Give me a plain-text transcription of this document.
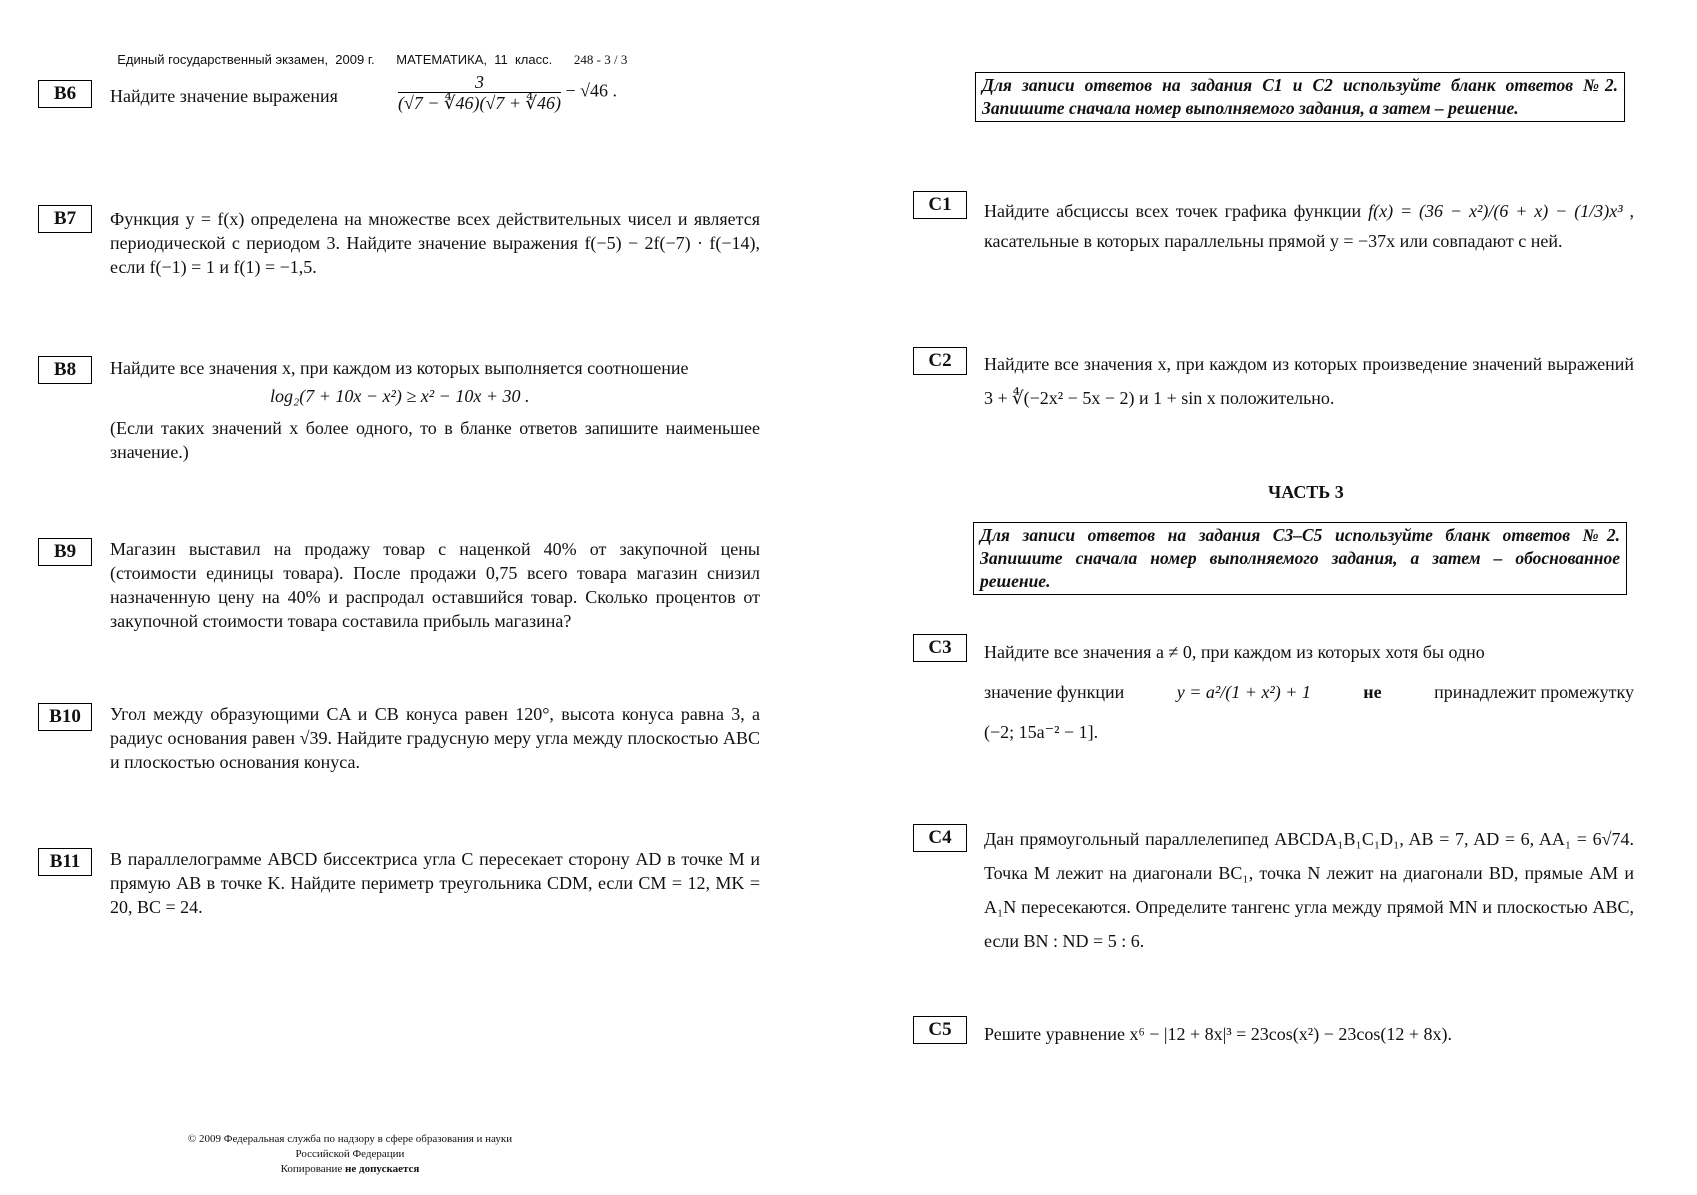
Единый государственный экзамен,  2009 г. МАТЕМАТИКА,  11  класс. 248 - 3 / 3

B6	Найдите значение выражения	$\frac{3}{(√7 - ∜46)(√7 + ∜46)} - √46$ .
B7	Функция y = f(x) определена на множестве всех действительных чисел и является периодической с периодом 3. Найдите значение выражения f(−5) − 2f(−7) · f(−14), если f(−1) = 1 и f(1) = −1,5.
B8	Найдите все значения x, при каждом из которых выполняется соотношение
log₂(7 + 10x − x²) ≥ x² − 10x + 30 .
(Если таких значений x более одного, то в бланке ответов запишите наименьшее значение.)
B9	Магазин выставил на продажу товар с наценкой 40% от закупочной цены (стоимости единицы товара). После продажи 0,75 всего товара магазин снизил назначенную цену на 40% и распродал оставшийся товар. Сколько процентов от закупочной стоимости товара составила прибыль магазина?
B10	Угол между образующими CA и CB конуса равен 120°, высота конуса равна 3, а радиус основания равен √39. Найдите градусную меру угла между плоскостью ABC и плоскостью основания конуса.
B11	В параллелограмме ABCD биссектриса угла C пересекает сторону AD в точке M и прямую AB в точке K. Найдите периметр треугольника CDM, если CM = 12, MK = 20, BC = 24.
Для записи ответов на задания С1 и С2 используйте бланк ответов №2. Запишите сначала номер выполняемого задания, а затем – решение.
C1	Найдите абсциссы всех точек графика функции f(x) = (36 − x²)/(6 + x) − (1/3)x³ , касательные в которых параллельны прямой y = −37x или совпадают с ней.
C2	Найдите все значения x, при каждом из которых произведение значений выражений 3 + ∜(−2x² − 5x − 2) и 1 + sin x положительно.
ЧАСТЬ 3
Для записи ответов на задания С3–С5 используйте бланк ответов №2. Запишите сначала номер выполняемого задания, а затем – обоснованное решение.
C3	Найдите все значения a ≠ 0, при каждом из которых хотя бы одно
значение функции	y = a²/(1 + x²) + 1	не	принадлежит промежутку
(−2; 15a⁻² − 1].
C4	Дан прямоугольный параллелепипед ABCDA₁B₁C₁D₁, AB = 7, AD = 6, AA₁ = 6√74. Точка M лежит на диагонали BC₁, точка N лежит на диагонали BD, прямые AM и A₁N пересекаются. Определите тангенс угла между прямой MN и плоскостью ABC, если BN : ND = 5 : 6.
C5	Решите уравнение x⁶ − |12 + 8x|³ = 23cos(x²) − 23cos(12 + 8x).
© 2009 Федеральная служба по надзору в сфере образования и науки Российской Федерации
Копирование не допускается
